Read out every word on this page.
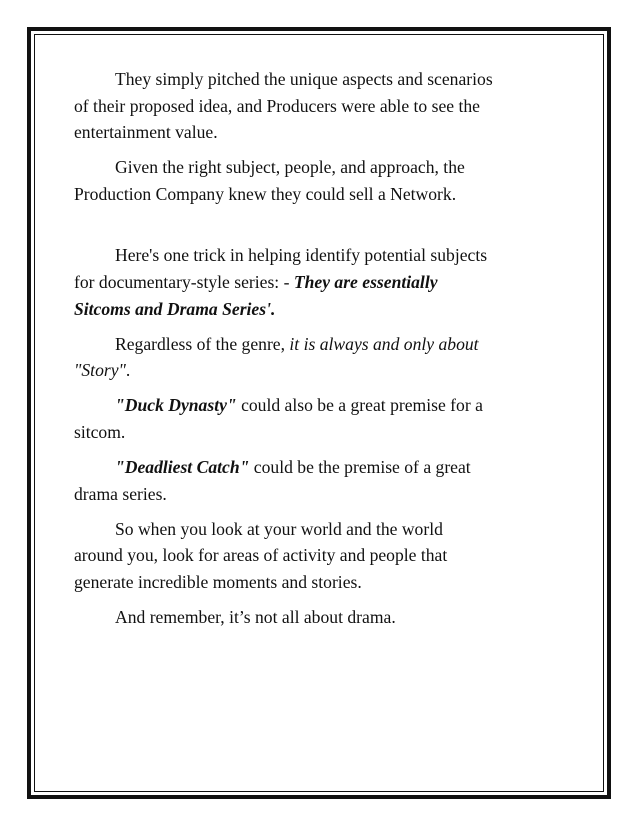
They simply pitched the unique aspects and scenarios
of their proposed idea, and Producers were able to see the
entertainment value.

Given the right subject, people, and approach, the
Production Company knew they could sell a Network.

Here's one trick in helping identify potential subjects
for documentary-style series: - They are essentially
Sitcoms and Drama Series'.

Regardless of the genre, it is always and only about
"Story".

"Duck Dynasty" could also be a great premise for a
sitcom.

"Deadliest Catch" could be the premise of a great
drama series.

So when you look at your world and the world
around you, look for areas of activity and people that
generate incredible moments and stories.

And remember, it’s not all about drama.
